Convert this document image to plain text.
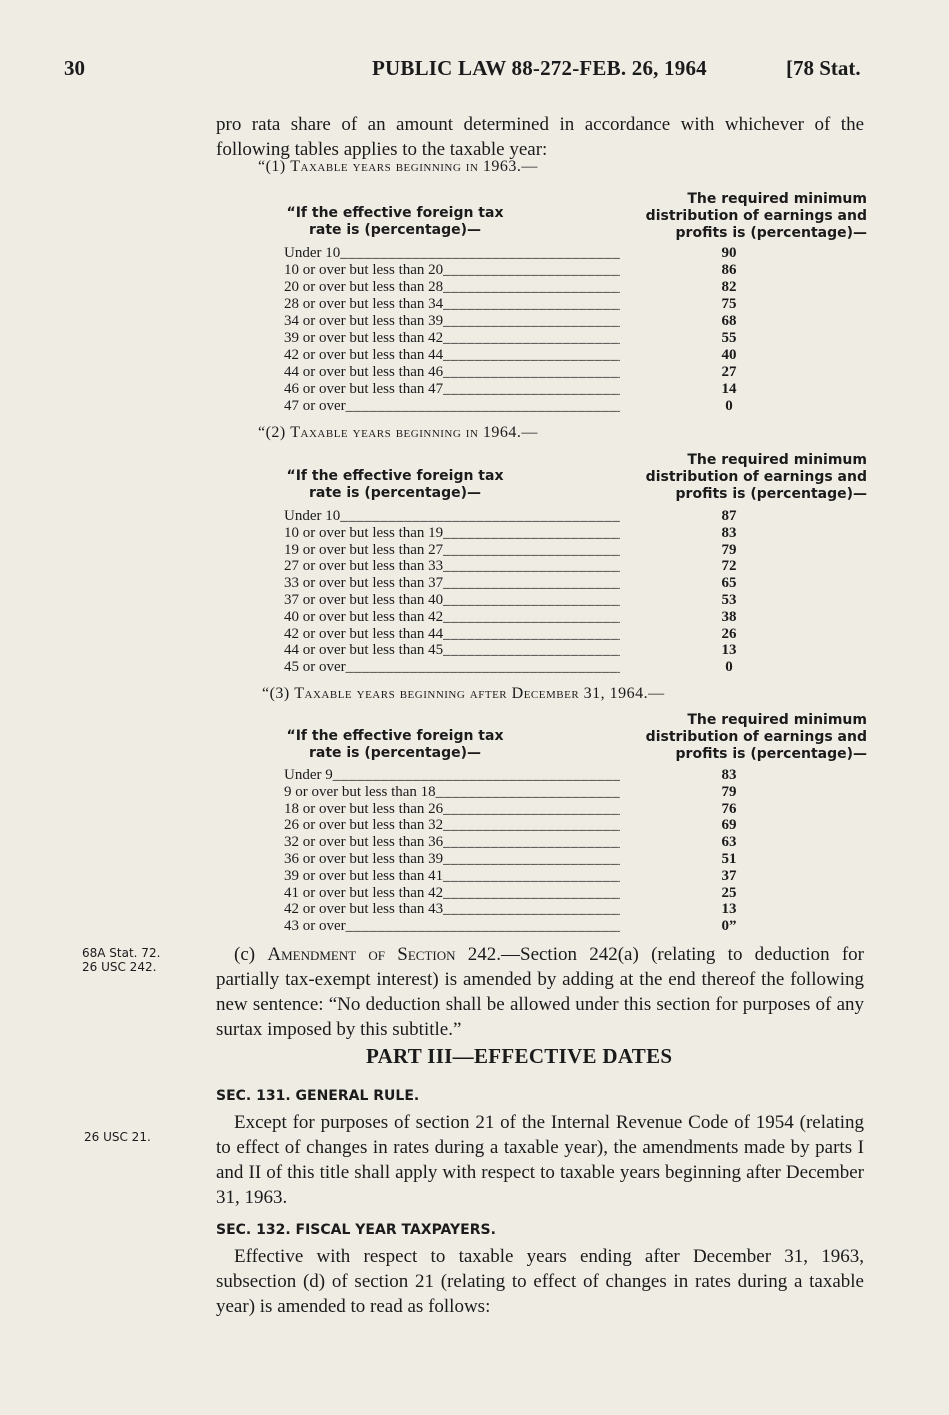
30	PUBLIC LAW 88-272-FEB. 26, 1964	[78 Stat.
pro rata share of an amount determined in accordance with whichever of the following tables applies to the taxable year:
“(1) Taxable years beginning in 1963.—
“If the effective foreign tax rate is (percentage)—
The required minimum distribution of earnings and profits is (percentage)—
Under 10 _____	90
10 or over but less than 20 _____	86
20 or over but less than 28 _____	82
28 or over but less than 34 _____	75
34 or over but less than 39 _____	68
39 or over but less than 42 _____	55
42 or over but less than 44 _____	40
44 or over but less than 46 _____	27
46 or over but less than 47 _____	14
47 or over _____	0
“(2) Taxable years beginning in 1964.—
“If the effective foreign tax rate is (percentage)—
The required minimum distribution of earnings and profits is (percentage)—
Under 10 _____	87
10 or over but less than 19 _____	83
19 or over but less than 27 _____	79
27 or over but less than 33 _____	72
33 or over but less than 37 _____	65
37 or over but less than 40 _____	53
40 or over but less than 42 _____	38
42 or over but less than 44 _____	26
44 or over but less than 45 _____	13
45 or over _____	0
“(3) Taxable years beginning after December 31, 1964.—
“If the effective foreign tax rate is (percentage)—
The required minimum distribution of earnings and profits is (percentage)—
Under 9 _____	83
9 or over but less than 18 _____	79
18 or over but less than 26 _____	76
26 or over but less than 32 _____	69
32 or over but less than 36 _____	63
36 or over but less than 39 _____	51
39 or over but less than 41 _____	37
41 or over but less than 42 _____	25
42 or over but less than 43 _____	13
43 or over _____	0”
68A Stat. 72.
26 USC 242.
(c) Amendment of Section 242.—Section 242(a) (relating to deduction for partially tax-exempt interest) is amended by adding at the end thereof the following new sentence: “No deduction shall be allowed under this section for purposes of any surtax imposed by this subtitle.”
PART III—EFFECTIVE DATES
SEC. 131. GENERAL RULE.
26 USC 21.
Except for purposes of section 21 of the Internal Revenue Code of 1954 (relating to effect of changes in rates during a taxable year), the amendments made by parts I and II of this title shall apply with respect to taxable years beginning after December 31, 1963.
SEC. 132. FISCAL YEAR TAXPAYERS.
Effective with respect to taxable years ending after December 31, 1963, subsection (d) of section 21 (relating to effect of changes in rates during a taxable year) is amended to read as follows:
